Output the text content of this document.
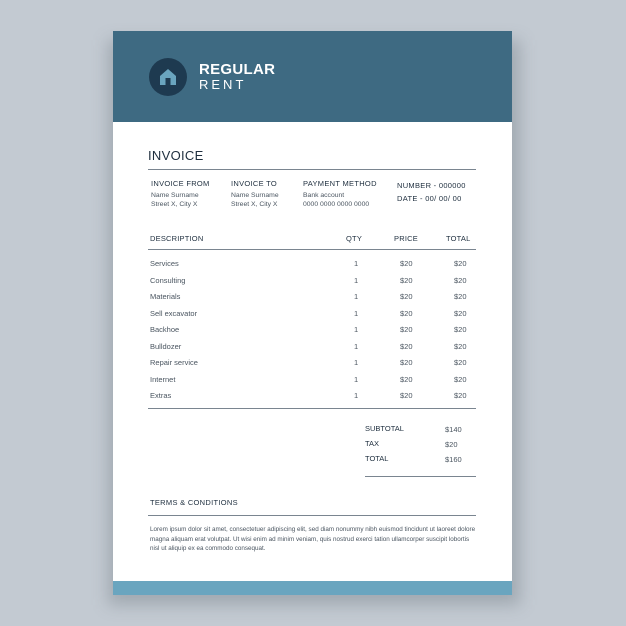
REGULAR
RENT
INVOICE
INVOICE FROM
Name Surname
Street X, City X
INVOICE TO
Name Surname
Street X, City X
PAYMENT METHOD
Bank account
0000 0000 0000 0000
NUMBER - 000000
DATE - 00/ 00/ 00
DESCRIPTION	QTY	PRICE	TOTAL
Services	1	$20	$20
Consulting	1	$20	$20
Materials	1	$20	$20
Sell excavator	1	$20	$20
Backhoe	1	$20	$20
Bulldozer	1	$20	$20
Repair service	1	$20	$20
Internet	1	$20	$20
Extras	1	$20	$20
SUBTOTAL	$140
TAX	$20
TOTAL	$160
TERMS & CONDITIONS
Lorem ipsum dolor sit amet, consectetuer adipiscing elit, sed diam nonummy nibh euismod tincidunt ut laoreet dolore magna aliquam erat volutpat. Ut wisi enim ad minim veniam, quis nostrud exerci tation ullamcorper suscipit lobortis nisl ut aliquip ex ea commodo consequat.
